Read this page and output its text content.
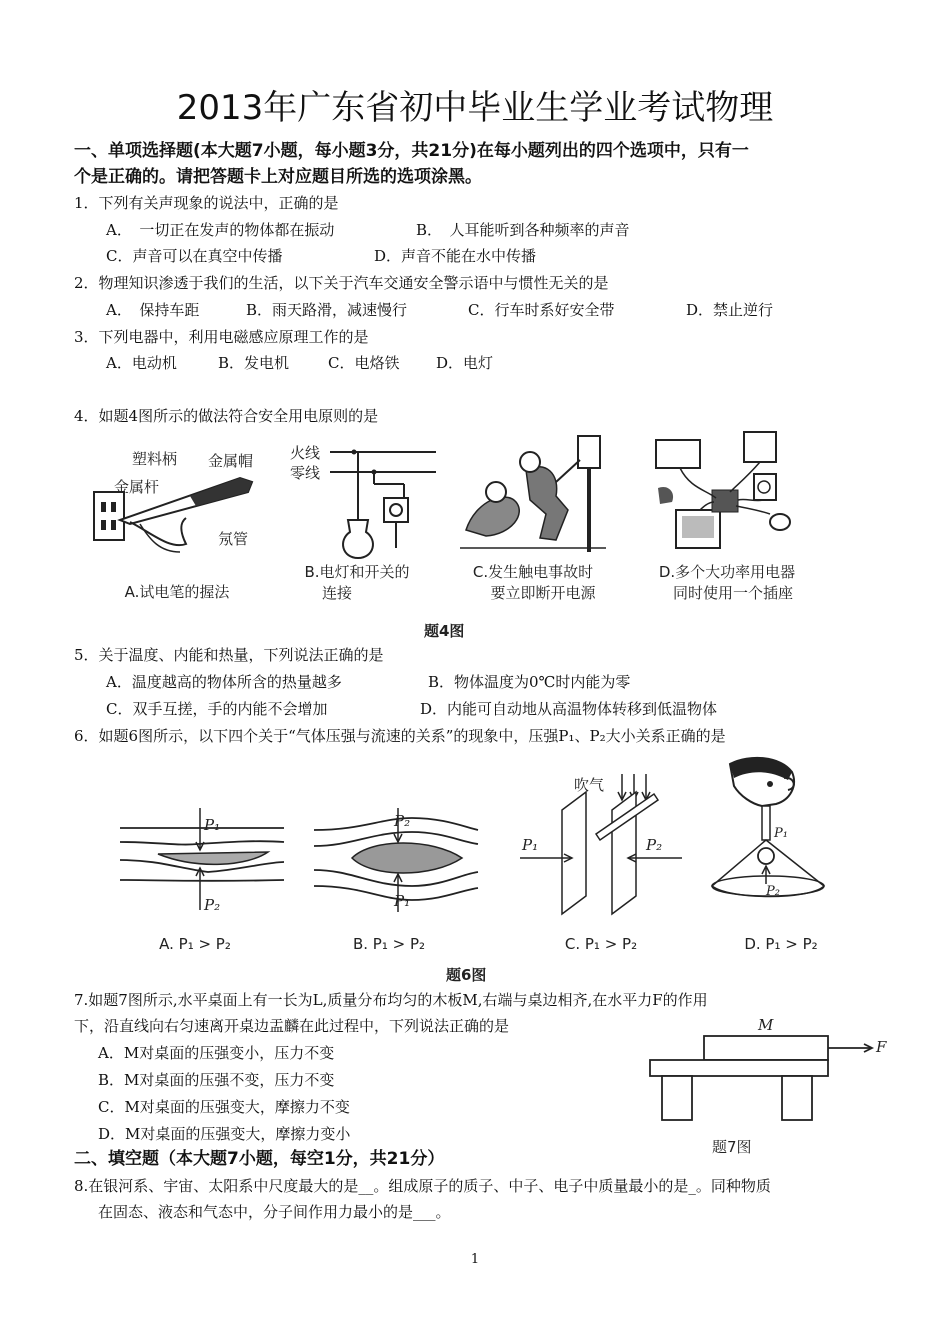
2013年广东省初中毕业生学业考试物理

一、单项选择题(本大题7小题，每小题3分，共21分)在每小题列出的四个选项中，只有一

个是正确的。请把答题卡上对应题目所选的选项涂黑。

1．下列有关声现象的说法中，正确的是
A．　一切正在发声的物体都在振动	B．　人耳能听到各种频率的声音
C．声音可以在真空中传播	D．声音不能在水中传播
2．物理知识渗透于我们的生活，以下关于汽车交通安全警示语中与惯性无关的是
A．　保持车距	B．雨天路滑，减速慢行	C．行车时系好安全带	D．禁止逆行
3．下列电器中，利用电磁感应原理工作的是
A．电动机	B．发电机	C．电烙铁 D．电灯
4．如题4图所示的做法符合安全用电原则的是
塑料柄 金属帽
金属杆
氖管
A.试电笔的握法
火线
零线
B.电灯和开关的
连接
C.发生触电事故时
要立即断开电源
D.多个大功率用电器
同时使用一个插座
题4图
5．关于温度、内能和热量，下列说法正确的是
A．温度越高的物体所含的热量越多	B．物体温度为0℃时内能为零
C．双手互搓，手的内能不会增加	D．内能可自动地从高温物体转移到低温物体
6．如题6图所示，以下四个关于“气体压强与流速的关系”的现象中，压强P₁、P₂大小关系正确的是
P₁
P₂
A. P₁ > P₂
P₂
P₁
B. P₁ > P₂
吹气
P₁	P₂
C. P₁ > P₂
P₁
P₂
D. P₁ > P₂
题6图
7.如题7图所示,水平桌面上有一长为L,质量分布均匀的木板M,右端与桌边相齐,在水平力F的作用
下，沿直线向右匀速离开桌边盂麟在此过程中，下列说法正确的是
A．M对桌面的压强变小，压力不变
B．M对桌面的压强不变，压力不变
C．M对桌面的压强变大，摩擦力不变
D．M对桌面的压强变大，摩擦力变小
M
F
题7图

二、填空题（本大题7小题，每空1分，共21分）

8.在银河系、宇宙、太阳系中尺度最大的是__。组成原子的质子、中子、电子中质量最小的是_。同种物质
在固态、液态和气态中，分子间作用力最小的是___。
1
